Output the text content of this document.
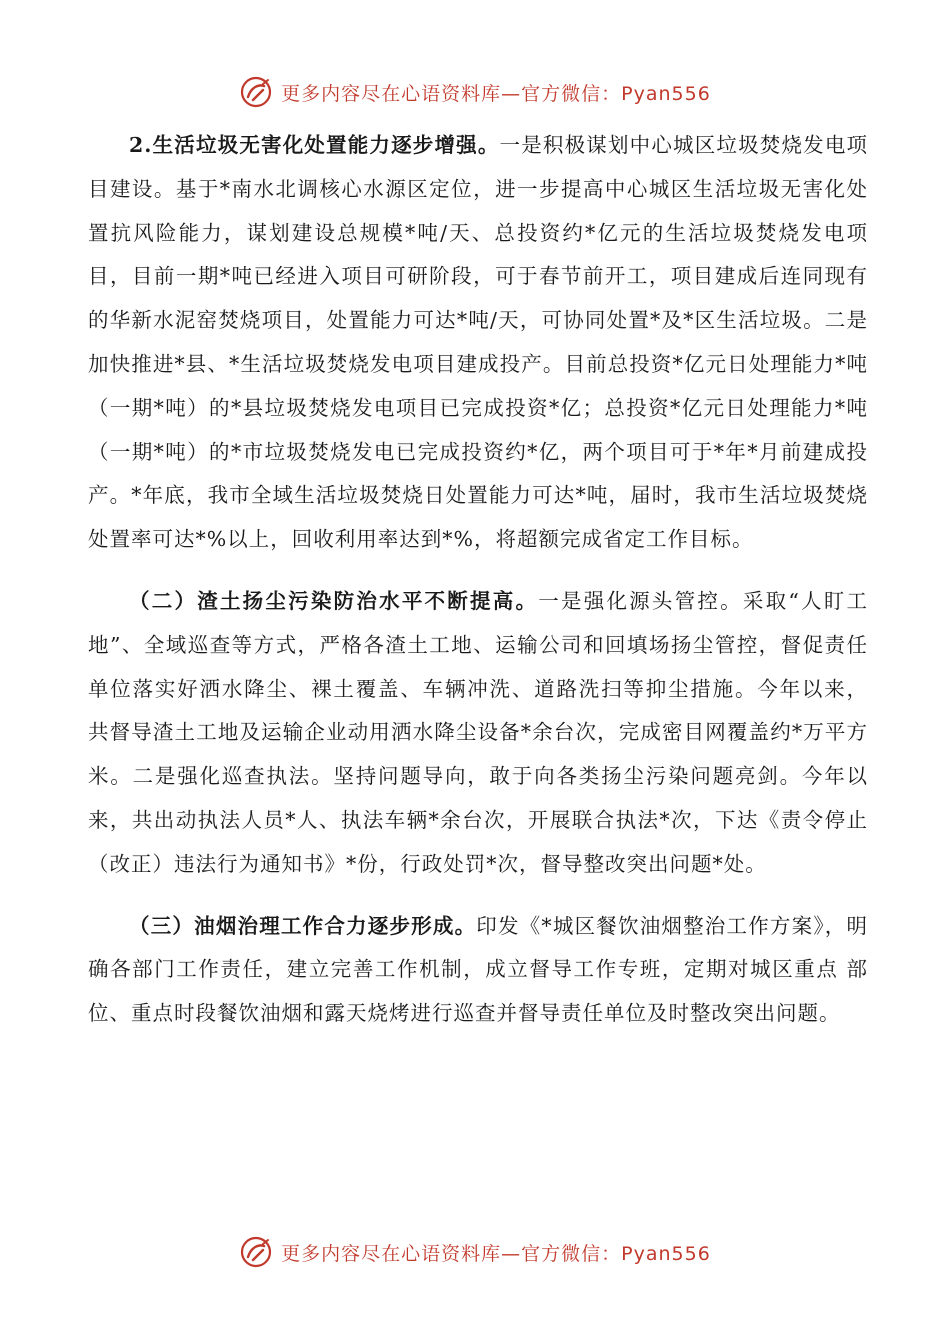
更多内容尽在心语资料库—官方微信：Pyan556

2.生活垃圾无害化处置能力逐步增强。一是积极谋划中心城区垃圾焚烧发电项目建设。基于*南水北调核心水源区定位，进一步提高中心城区生活垃圾无害化处置抗风险能力，谋划建设总规模*吨/天、总投资约*亿元的生活垃圾焚烧发电项目，目前一期*吨已经进入项目可研阶段，可于春节前开工，项目建成后连同现有的华新水泥窑焚烧项目，处置能力可达*吨/天，可协同处置*及*区生活垃圾。二是加快推进*县、*生活垃圾焚烧发电项目建成投产。目前总投资*亿元日处理能力*吨（一期*吨）的*县垃圾焚烧发电项目已完成投资*亿；总投资*亿元日处理能力*吨（一期*吨）的*市垃圾焚烧发电已完成投资约*亿，两个项目可于*年*月前建成投产。*年底，我市全域生活垃圾焚烧日处置能力可达*吨，届时，我市生活垃圾焚烧处置率可达*%以上，回收利用率达到*%，将超额完成省定工作目标。

（二）渣土扬尘污染防治水平不断提高。一是强化源头管控。采取“人盯工地”、全域巡查等方式，严格各渣土工地、运输公司和回填场扬尘管控，督促责任单位落实好洒水降尘、裸土覆盖、车辆冲洗、道路洗扫等抑尘措施。今年以来， 共督导渣土工地及运输企业动用洒水降尘设备*余台次，完成密目网覆盖约*万平方米。二是强化巡查执法。坚持问题导向，敢于向各类扬尘污染问题亮剑。今年以来，共出动执法人员*人、执法车辆*余台次，开展联合执法*次，下达《责令停止（改正）违法行为通知书》*份，行政处罚*次，督导整改突出问题*处。

（三）油烟治理工作合力逐步形成。印发《*城区餐饮油烟整治工作方案》，明确各部门工作责任，建立完善工作机制，成立督导工作专班，定期对城区重点 部位、重点时段餐饮油烟和露天烧烤进行巡查并督导责任单位及时整改突出问题。

更多内容尽在心语资料库—官方微信：Pyan556
